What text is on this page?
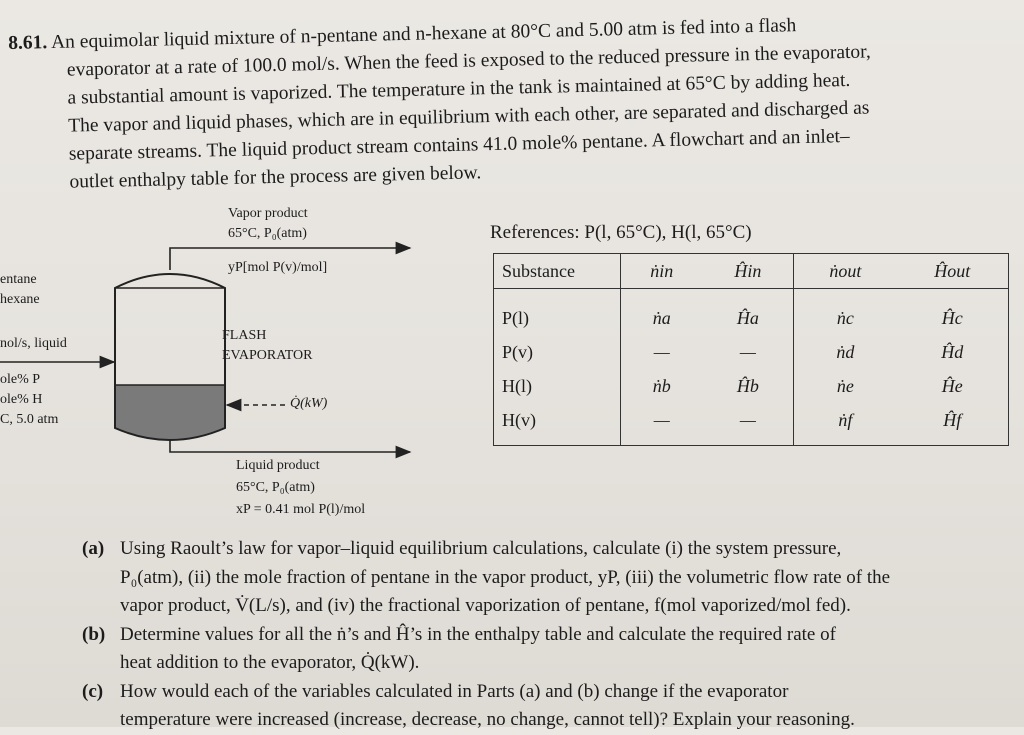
8.61. An equimolar liquid mixture of n-pentane and n-hexane at 80°C and 5.00 atm is fed into a flash
evaporator at a rate of 100.0 mol/s. When the feed is exposed to the reduced pressure in the evaporator,
a substantial amount is vaporized. The temperature in the tank is maintained at 65°C by adding heat.
The vapor and liquid phases, which are in equilibrium with each other, are separated and discharged as
separate streams. The liquid product stream contains 41.0 mole% pentane. A flowchart and an inlet–
outlet enthalpy table for the process are given below.
Vapor product
65°C, P₀(atm)
yP[mol P(v)/mol]
entane
hexane
nol/s, liquid
ole% P
ole% H
C, 5.0 atm
FLASH
EVAPORATOR
Q̇(kW)
Liquid product
65°C, P₀(atm)
xP = 0.41 mol P(l)/mol
References: P(l, 65°C), H(l, 65°C)
Substance	ṅin	Ĥin	ṅout	Ĥout
P(l)	ṅa	Ĥa	ṅc	Ĥc
P(v)	—	—	ṅd	Ĥd
H(l)	ṅb	Ĥb	ṅe	Ĥe
H(v)	—	—	ṅf	Ĥf
(a) Using Raoult’s law for vapor–liquid equilibrium calculations, calculate (i) the system pressure,
P₀(atm), (ii) the mole fraction of pentane in the vapor product, yP, (iii) the volumetric flow rate of the
vapor product, V̇(L/s), and (iv) the fractional vaporization of pentane, f(mol vaporized/mol fed).
(b) Determine values for all the ṅ’s and Ĥ’s in the enthalpy table and calculate the required rate of
heat addition to the evaporator, Q̇(kW).
(c) How would each of the variables calculated in Parts (a) and (b) change if the evaporator
temperature were increased (increase, decrease, no change, cannot tell)? Explain your reasoning.
